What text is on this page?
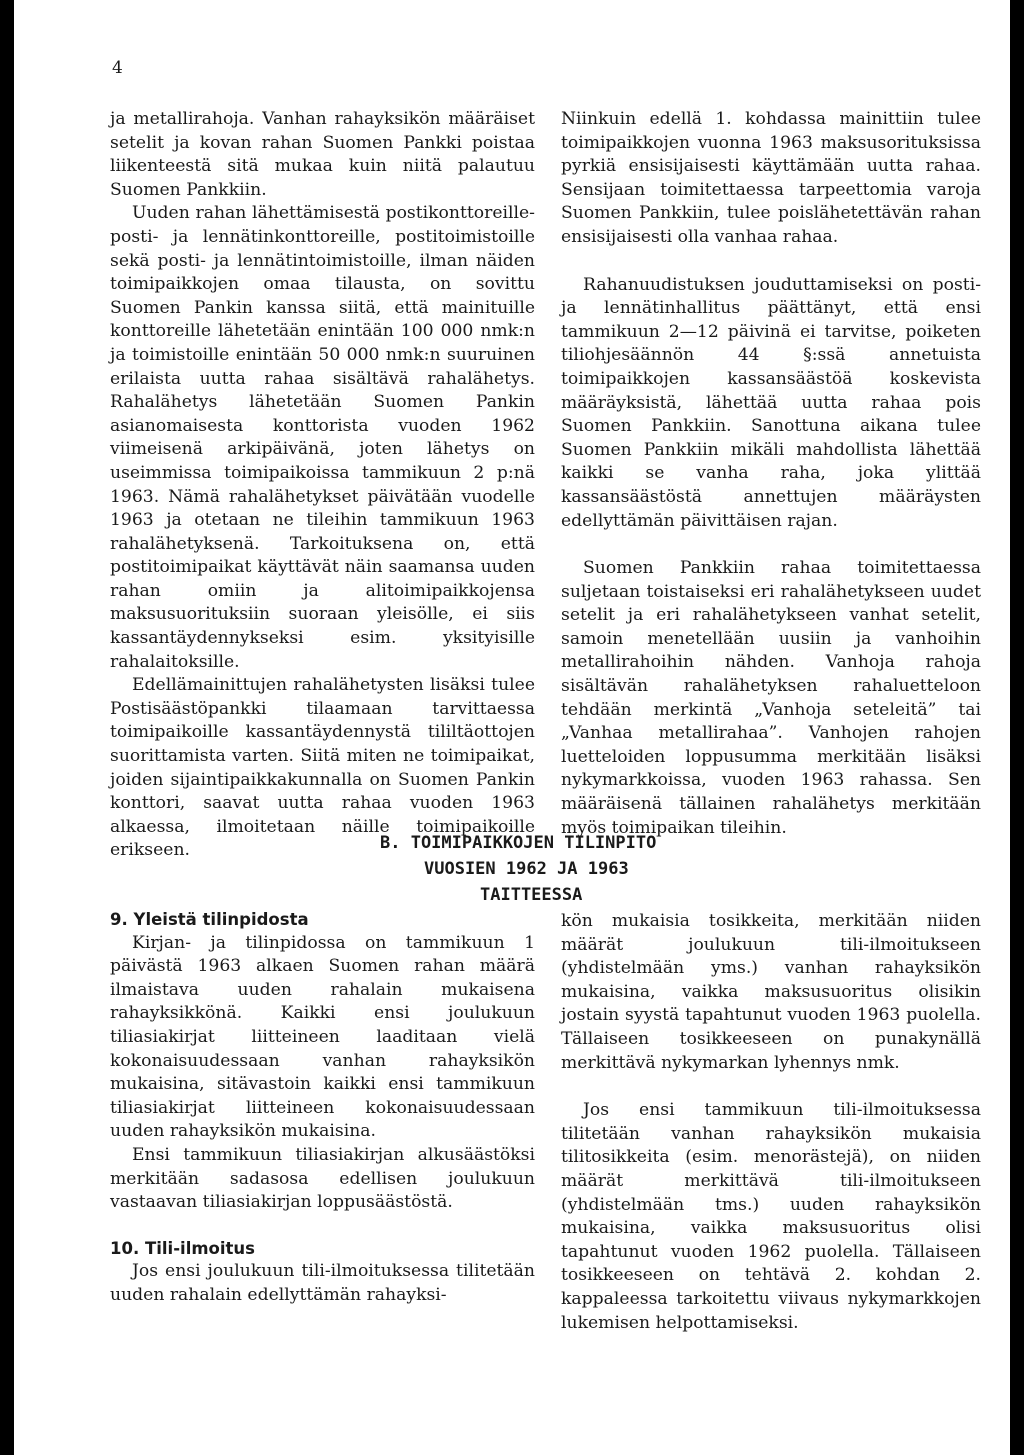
4

ja metallirahoja. Vanhan rahayksikön määräiset setelit ja kovan rahan Suomen Pankki poistaa liikenteestä sitä mukaa kuin niitä palautuu Suomen Pankkiin.

Uuden rahan lähettämisestä postikonttoreille- posti- ja lennätinkonttoreille, postitoimistoille sekä posti- ja lennätintoimistoille, ilman näiden toimipaikkojen omaa tilausta, on sovittu Suomen Pankin kanssa siitä, että mainituille konttoreille lähetetään enintään 100 000 nmk:n ja toimistoille enintään 50 000 nmk:n suuruinen erilaista uutta rahaa sisältävä rahalähetys. Rahalähetys lähetetään Suomen Pankin asianomaisesta konttorista vuoden 1962 viimeisenä arkipäivänä, joten lähetys on useimmissa toimipaikoissa tammikuun 2 p:nä 1963. Nämä rahalähetykset päivätään vuodelle 1963 ja otetaan ne tileihin tammikuun 1963 rahalähetyksenä. Tarkoituksena on, että postitoimipaikat käyttävät näin saamansa uuden rahan omiin ja alitoimipaikkojensa maksusuorituksiin suoraan yleisölle, ei siis kassantäydennykseksi esim. yksityisille rahalaitoksille.

Edellämainittujen rahalähetysten lisäksi tulee Postisäästöpankki tilaamaan tarvittaessa toimipaikoille kassantäydennystä tililtäottojen suorittamista varten. Siitä miten ne toimipaikat, joiden sijaintipaikkakunnalla on Suomen Pankin konttori, saavat uutta rahaa vuoden 1963 alkaessa, ilmoitetaan näille toimipaikoille erikseen.

Niinkuin edellä 1. kohdassa mainittiin tulee toimipaikkojen vuonna 1963 maksusorituksissa pyrkiä ensisijaisesti käyttämään uutta rahaa. Sensijaan toimitettaessa tarpeettomia varoja Suomen Pankkiin, tulee poislähetettävän rahan ensisijaisesti olla vanhaa rahaa.

Rahanuudistuksen jouduttamiseksi on posti- ja lennätinhallitus päättänyt, että ensi tammikuun 2—12 päivinä ei tarvitse, poiketen tiliohjesäännön 44 §:ssä annetuista toimipaikkojen kassansäästöä koskevista määräyksistä, lähettää uutta rahaa pois Suomen Pankkiin. Sanottuna aikana tulee Suomen Pankkiin mikäli mahdollista lähettää kaikki se vanha raha, joka ylittää kassansäästöstä annettujen määräysten edellyttämän päivittäisen rajan.

Suomen Pankkiin rahaa toimitettaessa suljetaan toistaiseksi eri rahalähetykseen uudet setelit ja eri rahalähetykseen vanhat setelit, samoin menetellään uusiin ja vanhoihin metallirahoihin nähden. Vanhoja rahoja sisältävän rahalähetyksen rahaluetteloon tehdään merkintä „Vanhoja seteleitä” tai „Vanhaa metallirahaa”. Vanhojen rahojen luetteloiden loppusumma merkitään lisäksi nykymarkkoissa, vuoden 1963 rahassa. Sen määräisenä tällainen rahalähetys merkitään myös toimipaikan tileihin.

B. TOIMIPAIKKOJEN TILINPITO
VUOSIEN 1962 JA 1963
TAITTEESSA

9. Yleistä tilinpidosta

Kirjan- ja tilinpidossa on tammikuun 1 päivästä 1963 alkaen Suomen rahan määrä ilmaistava uuden rahalain mukaisena rahayksikkönä. Kaikki ensi joulukuun tiliasiakirjat liitteineen laaditaan vielä kokonaisuudessaan vanhan rahayksikön mukaisina, sitävastoin kaikki ensi tammikuun tiliasiakirjat liitteineen kokonaisuudessaan uuden rahayksikön mukaisina.

Ensi tammikuun tiliasiakirjan alkusäästöksi merkitään sadasosa edellisen joulukuun vastaavan tiliasiakirjan loppusäästöstä.

10. Tili-ilmoitus

Jos ensi joulukuun tili-ilmoituksessa tilitetään uuden rahalain edellyttämän rahayksi-

kön mukaisia tosikkeita, merkitään niiden määrät joulukuun tili-ilmoitukseen (yhdistelmään yms.) vanhan rahayksikön mukaisina, vaikka maksusuoritus olisikin jostain syystä tapahtunut vuoden 1963 puolella. Tällaiseen tosikkeeseen on punakynällä merkittävä nykymarkan lyhennys nmk.

Jos ensi tammikuun tili-ilmoituksessa tilitetään vanhan rahayksikön mukaisia tilitosikkeita (esim. menorästejä), on niiden määrät merkittävä tili-ilmoitukseen (yhdistelmään tms.) uuden rahayksikön mukaisina, vaikka maksusuoritus olisi tapahtunut vuoden 1962 puolella. Tällaiseen tosikkeeseen on tehtävä 2. kohdan 2. kappaleessa tarkoitettu viivaus nykymarkkojen lukemisen helpottamiseksi.
